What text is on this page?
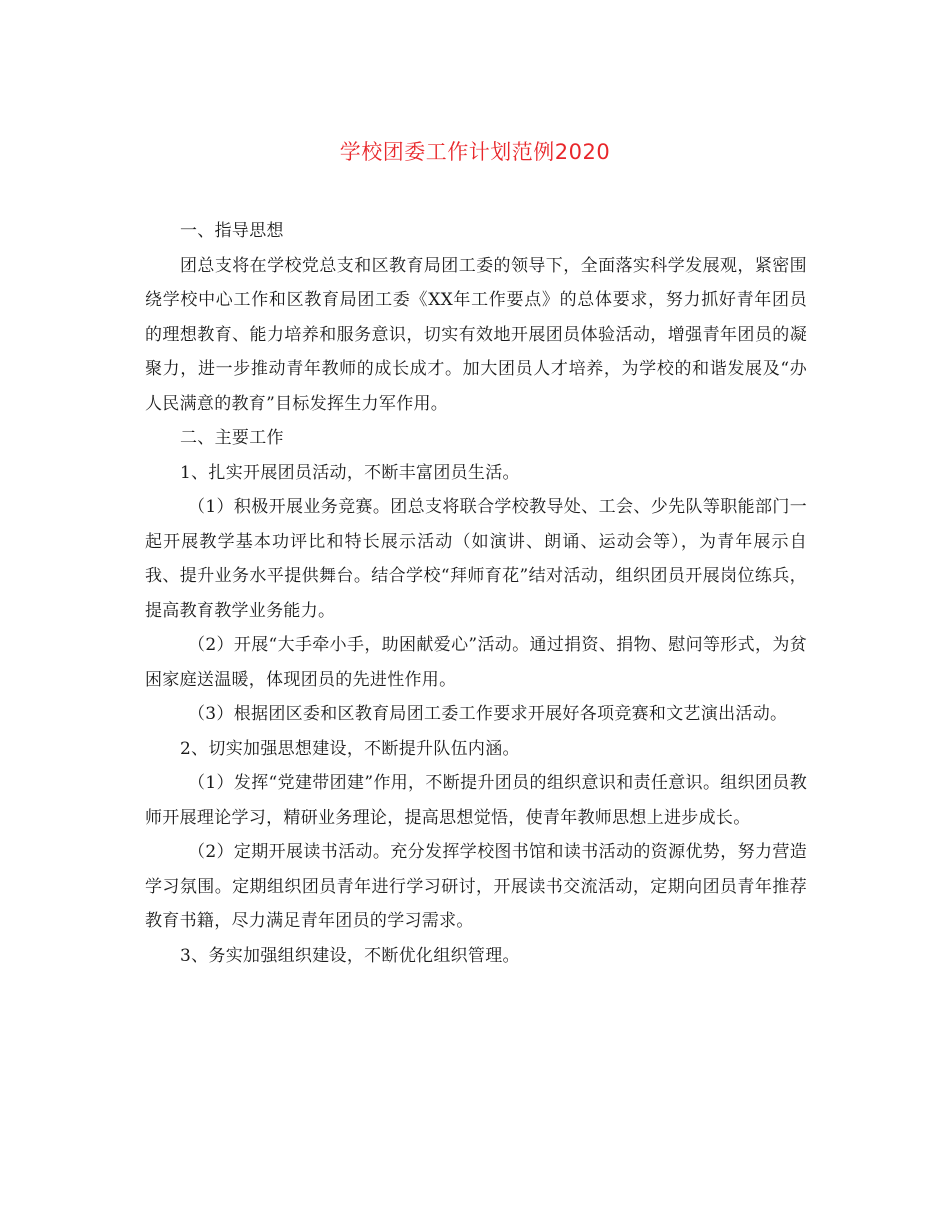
学校团委工作计划范例2020

一、指导思想

团总支将在学校党总支和区教育局团工委的领导下，全面落实科学发展观，紧密围绕学校中心工作和区教育局团工委《XX年工作要点》的总体要求，努力抓好青年团员的理想教育、能力培养和服务意识，切实有效地开展团员体验活动，增强青年团员的凝聚力，进一步推动青年教师的成长成才。加大团员人才培养，为学校的和谐发展及“办人民满意的教育”目标发挥生力军作用。

二、主要工作

1、扎实开展团员活动，不断丰富团员生活。

（1）积极开展业务竞赛。团总支将联合学校教导处、工会、少先队等职能部门一起开展教学基本功评比和特长展示活动（如演讲、朗诵、运动会等），为青年展示自我、提升业务水平提供舞台。结合学校“拜师育花”结对活动，组织团员开展岗位练兵，提高教育教学业务能力。

（2）开展“大手牵小手，助困献爱心”活动。通过捐资、捐物、慰问等形式，为贫困家庭送温暖，体现团员的先进性作用。

（3）根据团区委和区教育局团工委工作要求开展好各项竞赛和文艺演出活动。

2、切实加强思想建设，不断提升队伍内涵。

（1）发挥“党建带团建”作用，不断提升团员的组织意识和责任意识。组织团员教师开展理论学习，精研业务理论，提高思想觉悟，使青年教师思想上进步成长。

（2）定期开展读书活动。充分发挥学校图书馆和读书活动的资源优势，努力营造学习氛围。定期组织团员青年进行学习研讨，开展读书交流活动，定期向团员青年推荐教育书籍，尽力满足青年团员的学习需求。

3、务实加强组织建设，不断优化组织管理。
